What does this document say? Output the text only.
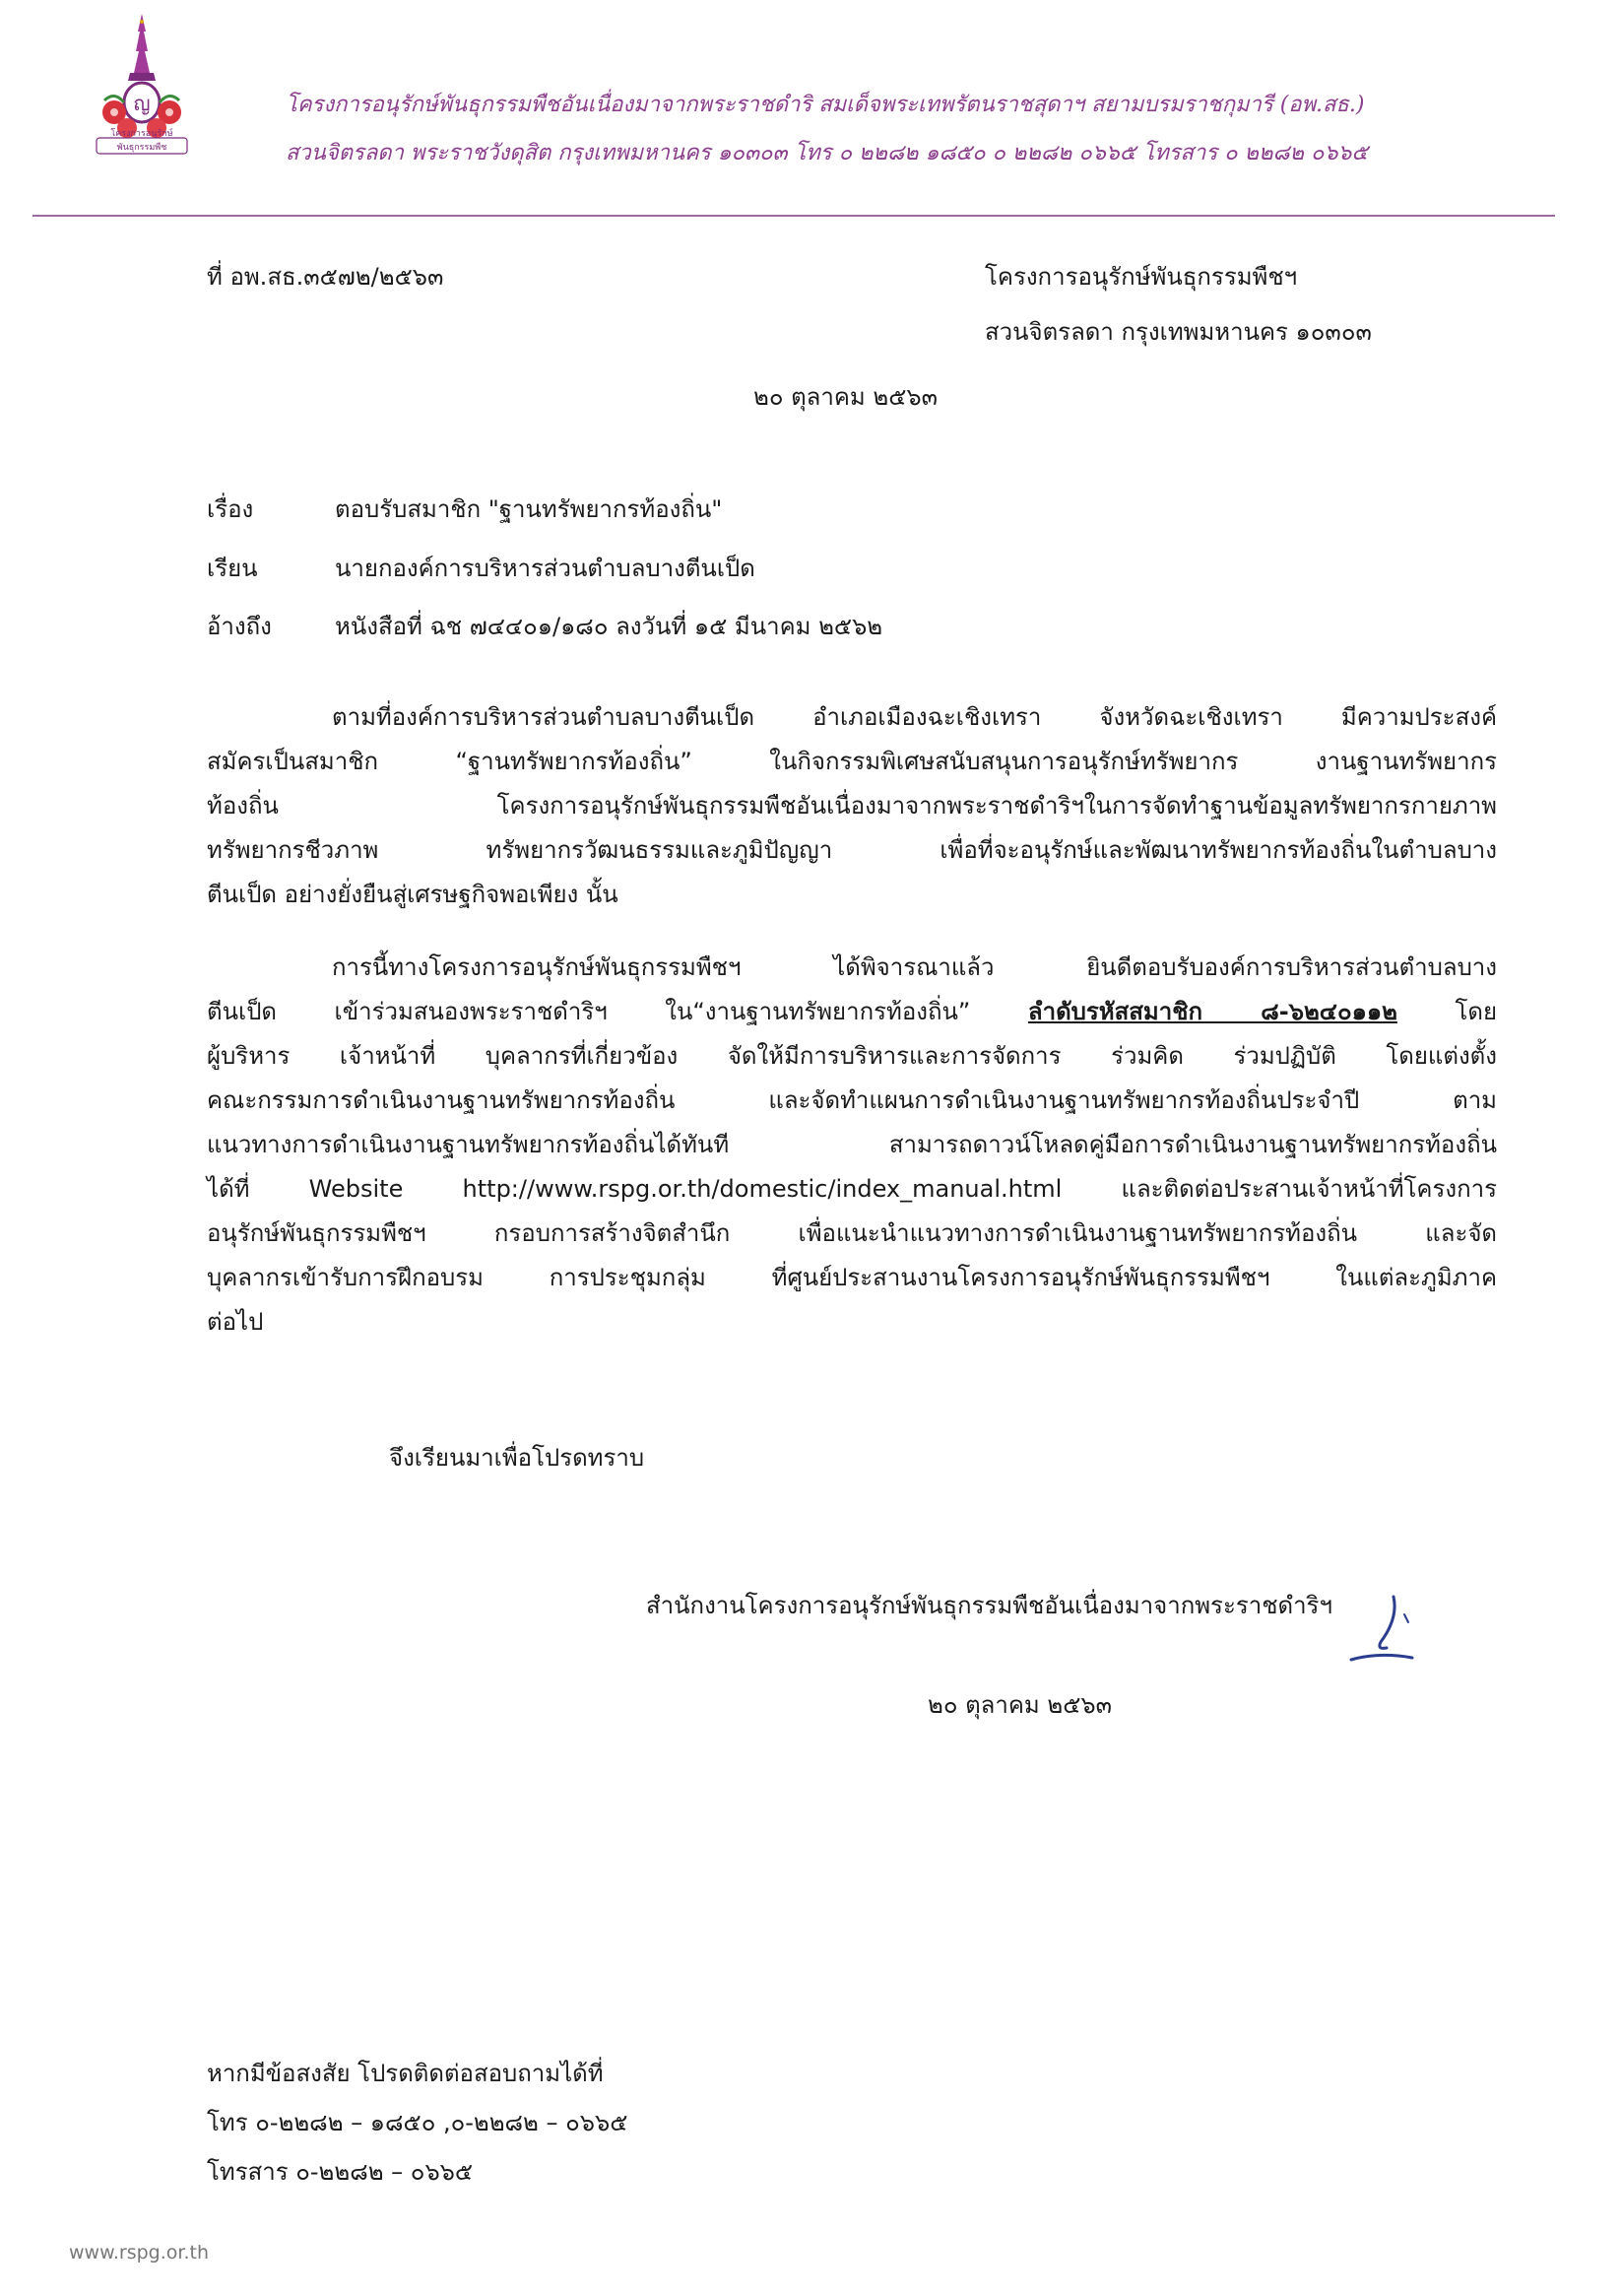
ญ
โครงการอนุรักษ์พันธุกรรมพืช
โครงการอนุรักษ์พันธุกรรมพืชอันเนื่องมาจากพระราชดำริ สมเด็จพระเทพรัตนราชสุดาฯ สยามบรมราชกุมารี (อพ.สธ.)
สวนจิตรลดา พระราชวังดุสิต กรุงเทพมหานคร ๑๐๓๐๓ โทร ๐ ๒๒๘๒ ๑๘๕๐ ๐ ๒๒๘๒ ๐๖๖๕ โทรสาร ๐ ๒๒๘๒ ๐๖๖๕
ที่ อพ.สธ.๓๕๗๒/๒๕๖๓	โครงการอนุรักษ์พันธุกรรมพืชฯ
สวนจิตรลดา กรุงเทพมหานคร ๑๐๓๐๓
๒๐ ตุลาคม ๒๕๖๓
เรื่อง	ตอบรับสมาชิก "ฐานทรัพยากรท้องถิ่น"
เรียน	นายกองค์การบริหารส่วนตำบลบางตีนเป็ด
อ้างถึง	หนังสือที่ ฉช ๗๔๔๐๑/๑๘๐ ลงวันที่ ๑๕ มีนาคม ๒๕๖๒
ตามที่องค์การบริหารส่วนตำบลบางตีนเป็ด อำเภอเมืองฉะเชิงเทรา จังหวัดฉะเชิงเทรา มีความประสงค์
สมัครเป็นสมาชิก “ฐานทรัพยากรท้องถิ่น” ในกิจกรรมพิเศษสนับสนุนการอนุรักษ์ทรัพยากร งานฐานทรัพยากร
ท้องถิ่น โครงการอนุรักษ์พันธุกรรมพืชอันเนื่องมาจากพระราชดำริฯในการจัดทำฐานข้อมูลทรัพยากรกายภาพ
ทรัพยากรชีวภาพ ทรัพยากรวัฒนธรรมและภูมิปัญญา เพื่อที่จะอนุรักษ์และพัฒนาทรัพยากรท้องถิ่นในตำบลบาง
ตีนเป็ด อย่างยั่งยืนสู่เศรษฐกิจพอเพียง นั้น
การนี้ทางโครงการอนุรักษ์พันธุกรรมพืชฯ ได้พิจารณาแล้ว ยินดีตอบรับองค์การบริหารส่วนตำบลบาง
ตีนเป็ด เข้าร่วมสนองพระราชดำริฯ ใน“งานฐานทรัพยากรท้องถิ่น” ลำดับรหัสสมาชิก ๘-๖๒๔๐๑๑๒ โดย
ผู้บริหาร เจ้าหน้าที่ บุคลากรที่เกี่ยวข้อง จัดให้มีการบริหารและการจัดการ ร่วมคิด ร่วมปฏิบัติ โดยแต่งตั้ง
คณะกรรมการดำเนินงานฐานทรัพยากรท้องถิ่น และจัดทำแผนการดำเนินงานฐานทรัพยากรท้องถิ่นประจำปี ตาม
แนวทางการดำเนินงานฐานทรัพยากรท้องถิ่นได้ทันที สามารถดาวน์โหลดคู่มือการดำเนินงานฐานทรัพยากรท้องถิ่น
ได้ที่ Website http://www.rspg.or.th/domestic/index_manual.html และติดต่อประสานเจ้าหน้าที่โครงการ
อนุรักษ์พันธุกรรมพืชฯ กรอบการสร้างจิตสำนึก เพื่อแนะนำแนวทางการดำเนินงานฐานทรัพยากรท้องถิ่น และจัด
บุคลากรเข้ารับการฝึกอบรม การประชุมกลุ่ม ที่ศูนย์ประสานงานโครงการอนุรักษ์พันธุกรรมพืชฯ ในแต่ละภูมิภาค
ต่อไป
จึงเรียนมาเพื่อโปรดทราบ
สำนักงานโครงการอนุรักษ์พันธุกรรมพืชอันเนื่องมาจากพระราชดำริฯ
๒๐ ตุลาคม ๒๕๖๓
หากมีข้อสงสัย โปรดติดต่อสอบถามได้ที่
โทร ๐-๒๒๘๒ – ๑๘๕๐ ,๐-๒๒๘๒ – ๐๖๖๕
โทรสาร ๐-๒๒๘๒ – ๐๖๖๕
www.rspg.or.th
